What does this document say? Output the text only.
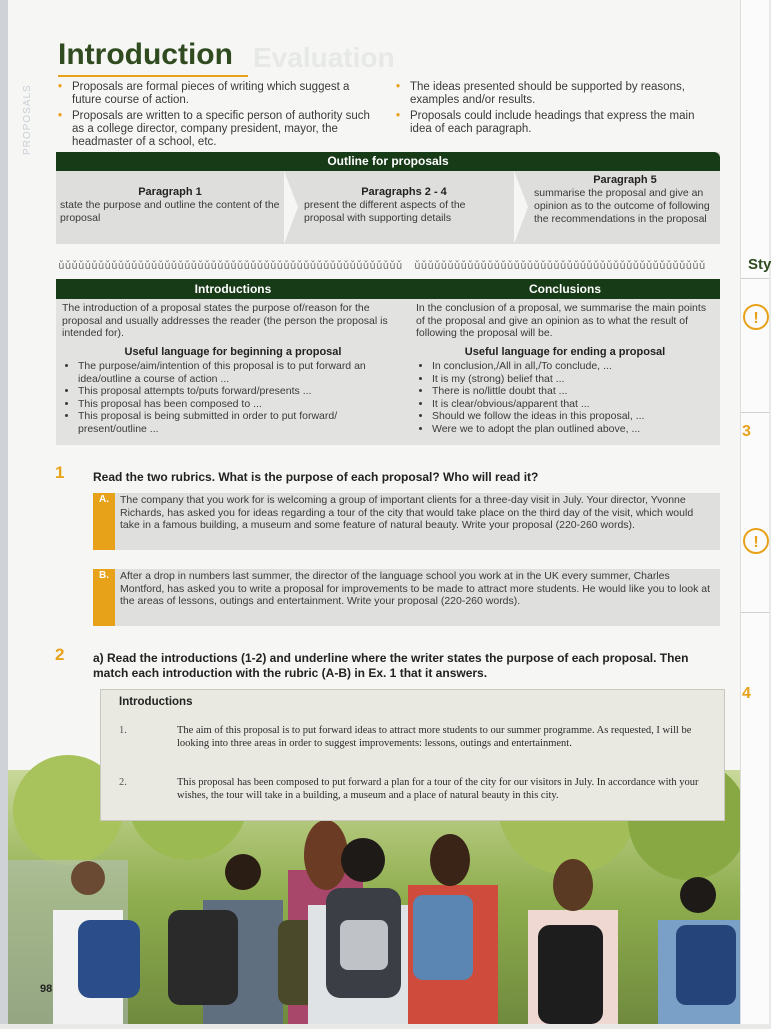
PROPOSALS
Evaluation
Introduction
• Proposals are formal pieces of writing which suggest a future course of action.
• Proposals are written to a specific person of authority such as a college director, company president, mayor, the headmaster of a school, etc.
• The ideas presented should be supported by reasons, examples and/or results.
• Proposals could include headings that express the main idea of each paragraph.
Outline for proposals
Paragraph 1
state the purpose and outline the content of the proposal
Paragraphs 2 - 4
present the different aspects of the proposal with supporting details
Paragraph 5
summarise the proposal and give an opinion as to the outcome of following the recommendations in the proposal
ǔǔǔǔǔǔǔǔǔǔǔǔǔǔǔǔǔǔǔǔǔǔǔǔǔǔǔǔǔǔǔǔǔǔǔǔǔǔǔǔǔǔǔǔǔǔǔǔǔǔǔǔ
Introductions

The introduction of a proposal states the purpose of/reason for the proposal and usually addresses the reader (the person the proposal is intended for).

Useful language for beginning a proposal
• The purpose/aim/intention of this proposal is to put forward an idea/outline a course of action ...
• This proposal attempts to/puts forward/presents ...
• This proposal has been composed to ...
• This proposal is being submitted in order to put forward/ present/outline ...
ǔǔǔǔǔǔǔǔǔǔǔǔǔǔǔǔǔǔǔǔǔǔǔǔǔǔǔǔǔǔǔǔǔǔǔǔǔǔǔǔǔǔǔǔ
Conclusions

In the conclusion of a proposal, we summarise the main points of the proposal and give an opinion as to what the result of following the proposal will be.

Useful language for ending a proposal
• In conclusion,/All in all,/To conclude, ...
• It is my (strong) belief that ...
• There is no/little doubt that ...
• It is clear/obvious/apparent that ...
• Should we follow the ideas in this proposal, ...
• Were we to adopt the plan outlined above, ...
1 Read the two rubrics. What is the purpose of each proposal? Who will read it?
A.	The company that you work for is welcoming a group of important clients for a three-day visit in July. Your director, Yvonne Richards, has asked you for ideas regarding a tour of the city that would take place on the third day of the visit, which would take in a famous building, a museum and some feature of natural beauty. Write your proposal (220-260 words).
B.	After a drop in numbers last summer, the director of the language school you work at in the UK every summer, Charles Montford, has asked you to write a proposal for improvements to be made to attract more students. He would like you to look at the areas of lessons, outings and entertainment. Write your proposal (220-260 words).
2 a) Read the introductions (1-2) and underline where the writer states the purpose of each proposal. Then match each introduction with the rubric (A-B) in Ex. 1 that it answers.
Introductions
1.	The aim of this proposal is to put forward ideas to attract more students to our summer programme. As requested, I will be looking into three areas in order to suggest improvements: lessons, outings and entertainment.
2.	This proposal has been composed to put forward a plan for a tour of the city for our visitors in July. In accordance with your wishes, the tour will take in a building, a museum and a place of natural beauty in this city.
98
Sty
!
3
!
4
